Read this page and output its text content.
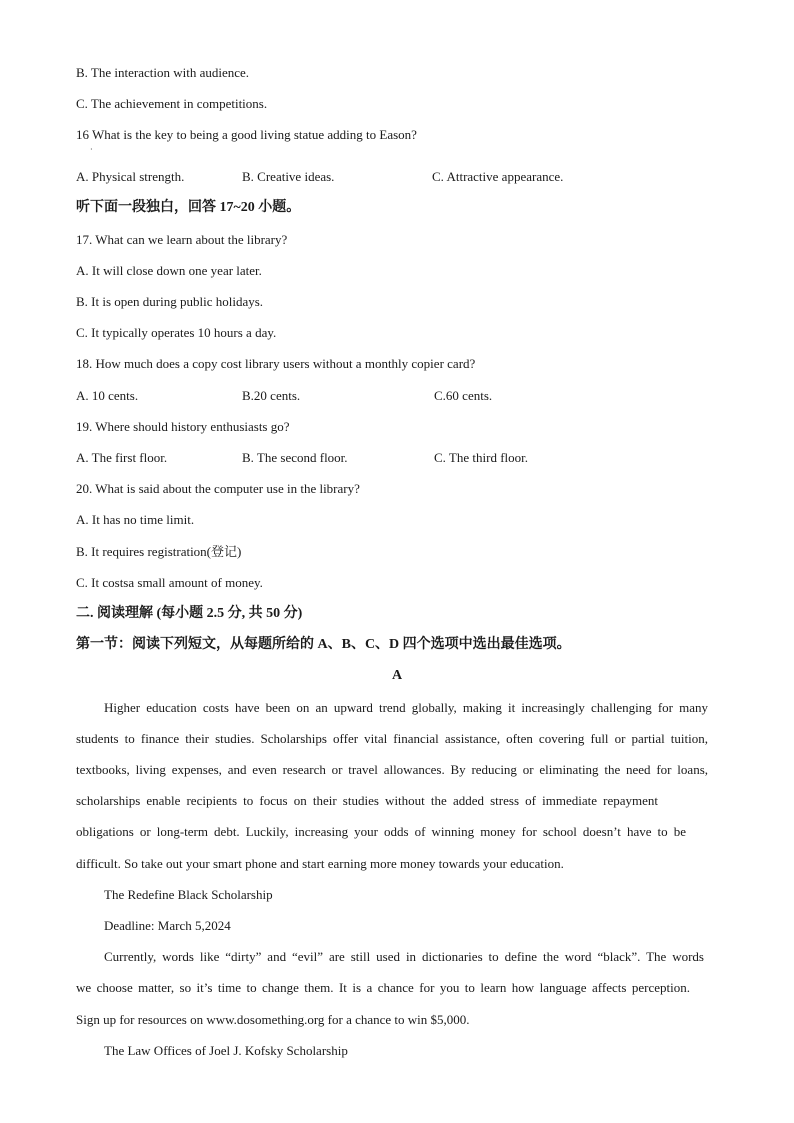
B. The interaction with audience.
C. The achievement in competitions.
16 What is the key to being a good living statue adding to Eason?
·
A. Physical strength.	B. Creative ideas.	C. Attractive appearance.
听下面一段独白，回答 17~20 小题。
17. What can we learn about the library?
A. It will close down one year later.
B. It is open during public holidays.
C. It typically operates 10 hours a day.
18. How much does a copy cost library users without a monthly copier card?
A. 10 cents.	B.20 cents.	C.60 cents.
19. Where should history enthusiasts go?
A. The first floor.	B. The second floor.	C. The third floor.
20. What is said about the computer use in the library?
A. It has no time limit.
B. It requires registration(登记)
C. It costsa small amount of money.
二. 阅读理解 (每小题 2.5 分, 共 50 分)
第一节：阅读下列短文，从每题所给的 A、B、C、D 四个选项中选出最佳选项。
A
Higher education costs have been on an upward trend globally, making it increasingly challenging for many
students to finance their studies. Scholarships offer vital financial assistance, often covering full or partial tuition,
textbooks, living expenses, and even research or travel allowances. By reducing or eliminating the need for loans,
scholarships enable recipients to focus on their studies without the added stress of immediate repayment
obligations or long-term debt. Luckily, increasing your odds of winning money for school doesn’t have to be
difficult. So take out your smart phone and start earning more money towards your education.
The Redefine Black Scholarship
Deadline: March 5,2024
Currently, words like “dirty” and “evil” are still used in dictionaries to define the word “black”. The words
we choose matter, so it’s time to change them. It is a chance for you to learn how language affects perception.
Sign up for resources on www.dosomething.org for a chance to win $5,000.
The Law Offices of Joel J. Kofsky Scholarship
